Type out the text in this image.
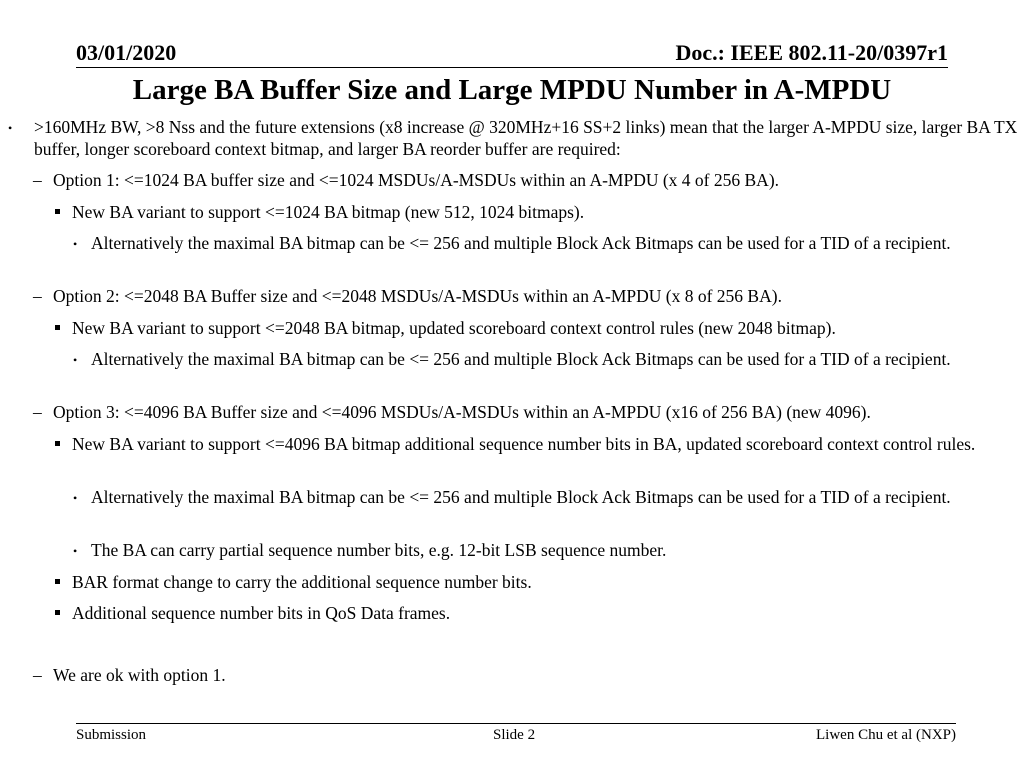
03/01/2020	Doc.: IEEE 802.11-20/0397r1
Large BA Buffer Size and Large MPDU Number in A-MPDU
• >160MHz BW, >8 Nss and the future extensions (x8 increase @ 320MHz+16 SS+2 links) mean that the larger A-MPDU size, larger BA TX buffer, longer scoreboard context bitmap, and larger BA reorder buffer are required:
– Option 1: <=1024 BA buffer size and <=1024 MSDUs/A-MSDUs within an A-MPDU (x 4 of 256 BA).
New BA variant to support <=1024 BA bitmap (new 512, 1024 bitmaps).
• Alternatively the maximal BA bitmap can be <= 256 and multiple Block Ack Bitmaps can be used for a TID of a recipient.
– Option 2: <=2048 BA Buffer size and <=2048 MSDUs/A-MSDUs within an A-MPDU (x 8 of 256 BA).
New BA variant to support <=2048 BA bitmap, updated scoreboard context control rules (new 2048 bitmap).
• Alternatively the maximal BA bitmap can be <= 256 and multiple Block Ack Bitmaps can be used for a TID of a recipient.
– Option 3: <=4096 BA Buffer size and <=4096 MSDUs/A-MSDUs within an A-MPDU (x16 of 256 BA) (new 4096).
New BA variant to support <=4096 BA bitmap additional sequence number bits in BA, updated scoreboard context control rules.
• Alternatively the maximal BA bitmap can be <= 256 and multiple Block Ack Bitmaps can be used for a TID of a recipient.
• The BA can carry partial sequence number bits, e.g. 12-bit LSB sequence number.
BAR format change to carry the additional sequence number bits.
Additional sequence number bits in QoS Data frames.
– We are ok with option 1.
Submission	Slide 2	Liwen Chu et al (NXP)
